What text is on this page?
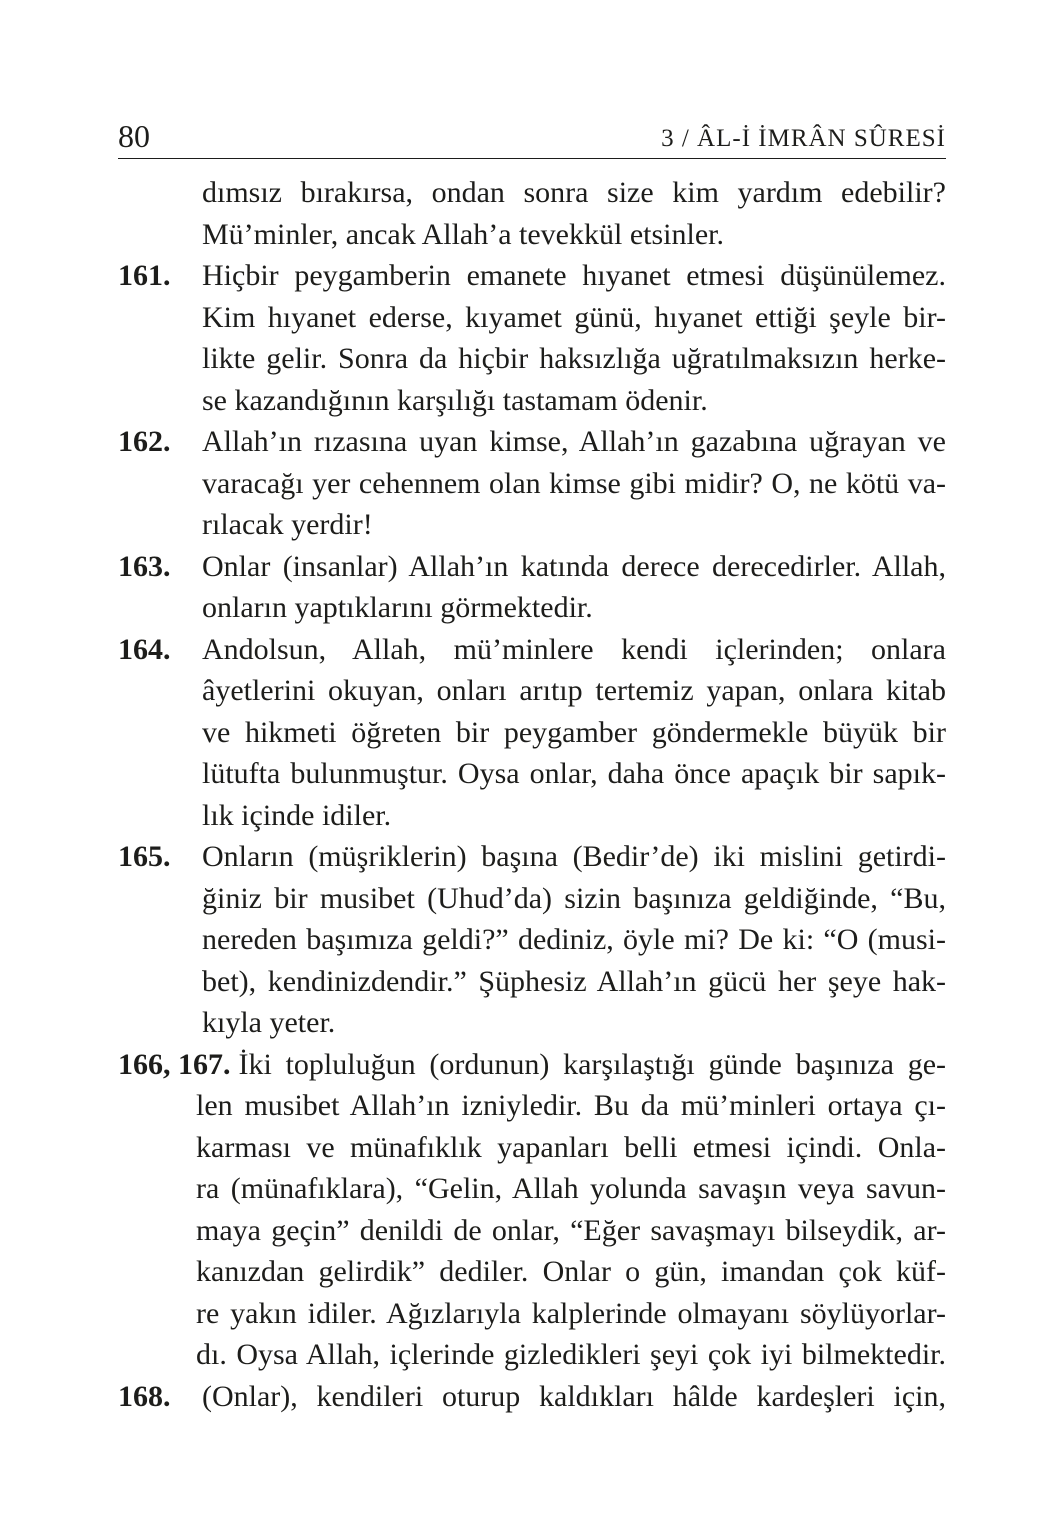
80	3 / ÂL-İ İMRÂN SÛRESİ
dımsız bırakırsa, ondan sonra size kim yardım edebilir?
Mü’minler, ancak Allah’a tevekkül etsinler.
161.	Hiçbir peygamberin emanete hıyanet etmesi düşünülemez.
Kim hıyanet ederse, kıyamet günü, hıyanet ettiği şeyle bir-
likte gelir. Sonra da hiçbir haksızlığa uğratılmaksızın herke-
se kazandığının karşılığı tastamam ödenir.
162.	Allah’ın rızasına uyan kimse, Allah’ın gazabına uğrayan ve
varacağı yer cehennem olan kimse gibi midir? O, ne kötü va-
rılacak yerdir!
163.	Onlar (insanlar) Allah’ın katında derece derecedirler. Allah,
onların yaptıklarını görmektedir.
164.	Andolsun, Allah, mü’minlere kendi içlerinden; onlara
âyetlerini okuyan, onları arıtıp tertemiz yapan, onlara kitab
ve hikmeti öğreten bir peygamber göndermekle büyük bir
lütufta bulunmuştur. Oysa onlar, daha önce apaçık bir sapık-
lık içinde idiler.
165.	Onların (müşriklerin) başına (Bedir’de) iki mislini getirdi-
ğiniz bir musibet (Uhud’da) sizin başınıza geldiğinde, “Bu,
nereden başımıza geldi?” dediniz, öyle mi? De ki: “O (musi-
bet), kendinizdendir.” Şüphesiz Allah’ın gücü her şeye hak-
kıyla yeter.
166, 167. İki topluluğun (ordunun) karşılaştığı günde başınıza ge-
len musibet Allah’ın izniyledir. Bu da mü’minleri ortaya çı-
karması ve münafıklık yapanları belli etmesi içindi. Onla-
ra (münafıklara), “Gelin, Allah yolunda savaşın veya savun-
maya geçin” denildi de onlar, “Eğer savaşmayı bilseydik, ar-
kanızdan gelirdik” dediler. Onlar o gün, imandan çok küf-
re yakın idiler. Ağızlarıyla kalplerinde olmayanı söylüyorlar-
dı. Oysa Allah, içlerinde gizledikleri şeyi çok iyi bilmektedir.
168.	(Onlar), kendileri oturup kaldıkları hâlde kardeşleri için,
